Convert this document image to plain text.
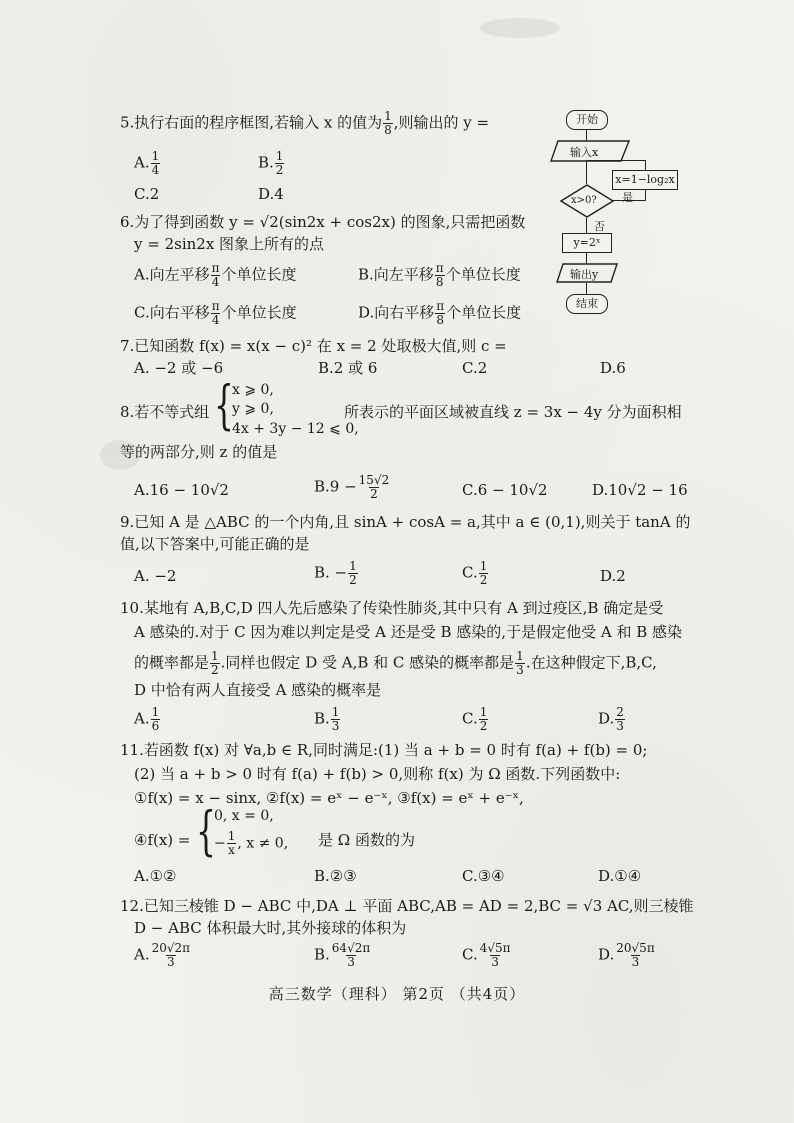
5.执行右面的程序框图,若输入 x 的值为 $\frac{1}{8}$ ,则输出的 y =
A. $\frac{1}{4}$	B. $\frac{1}{2}$
C.2	D.4
开始
输入x
x=1−log₂x
是
x>0?
否
y=2ˣ
输出y
结束
6.为了得到函数 y = √2(sin2x + cos2x) 的图象,只需把函数
y = 2sin2x 图象上所有的点
A.向左平移 $\frac{\pi}{4}$ 个单位长度	B.向左平移 $\frac{\pi}{8}$ 个单位长度
C.向右平移 $\frac{\pi}{4}$ 个单位长度	D.向右平移 $\frac{\pi}{8}$ 个单位长度
7.已知函数 f(x) = x(x − c)² 在 x = 2 处取极大值,则 c =
A. −2 或 −6	B.2 或 6	C.2	D.6
8.若不等式组 {
x ⩾ 0,
y ⩾ 0,
4x + 3y − 12 ⩽ 0,
所表示的平面区域被直线 z = 3x − 4y 分为面积相
等的两部分,则 z 的值是
A.16 − 10√2	$B.9 - \frac{15√2}{2}$	C.6 − 10√2	D.10√2 − 16
9.已知 A 是 △ABC 的一个内角,且 sinA + cosA = a,其中 a ∈ (0,1),则关于 tanA 的
值,以下答案中,可能正确的是
A. −2	B. − $\frac{1}{2}$	C. $\frac{1}{2}$	D.2
10.某地有 A,B,C,D 四人先后感染了传染性肺炎,其中只有 A 到过疫区,B 确定是受
A 感染的.对于 C 因为难以判定是受 A 还是受 B 感染的,于是假定他受 A 和 B 感染
的概率都是 $\frac{1}{2}$ .同样也假定 D 受 A,B 和 C 感染的概率都是 $\frac{1}{3}$ .在这种假定下,B,C,
D 中恰有两人直接受 A 感染的概率是
A. $\frac{1}{6}$	B. $\frac{1}{3}$	C. $\frac{1}{2}$	D. $\frac{2}{3}$
11.若函数 f(x) 对 ∀a,b ∈ R,同时满足:(1) 当 a + b = 0 时有 f(a) + f(b) = 0;
(2) 当 a + b > 0 时有 f(a) + f(b) > 0,则称 f(x) 为 Ω 函数.下列函数中:
①f(x) = x − sinx, ②f(x) = eˣ − e⁻ˣ, ③f(x) = eˣ + e⁻ˣ,
④f(x) = {
0, x = 0,
− $\frac{1}{x}$ , x ≠ 0, 是 Ω 函数的为
A.①②	B.②③	C.③④	D.①④
12.已知三棱锥 D − ABC 中,DA ⊥ 平面 ABC,AB = AD = 2,BC = √3 AC,则三棱锥
D − ABC 体积最大时,其外接球的体积为
A. $\frac{20√2\pi}{3}$	B. $\frac{64√2\pi}{3}$	C. $\frac{4√5\pi}{3}$	D. $\frac{20√5\pi}{3}$
高三数学（理科） 第2页 （共4页）
